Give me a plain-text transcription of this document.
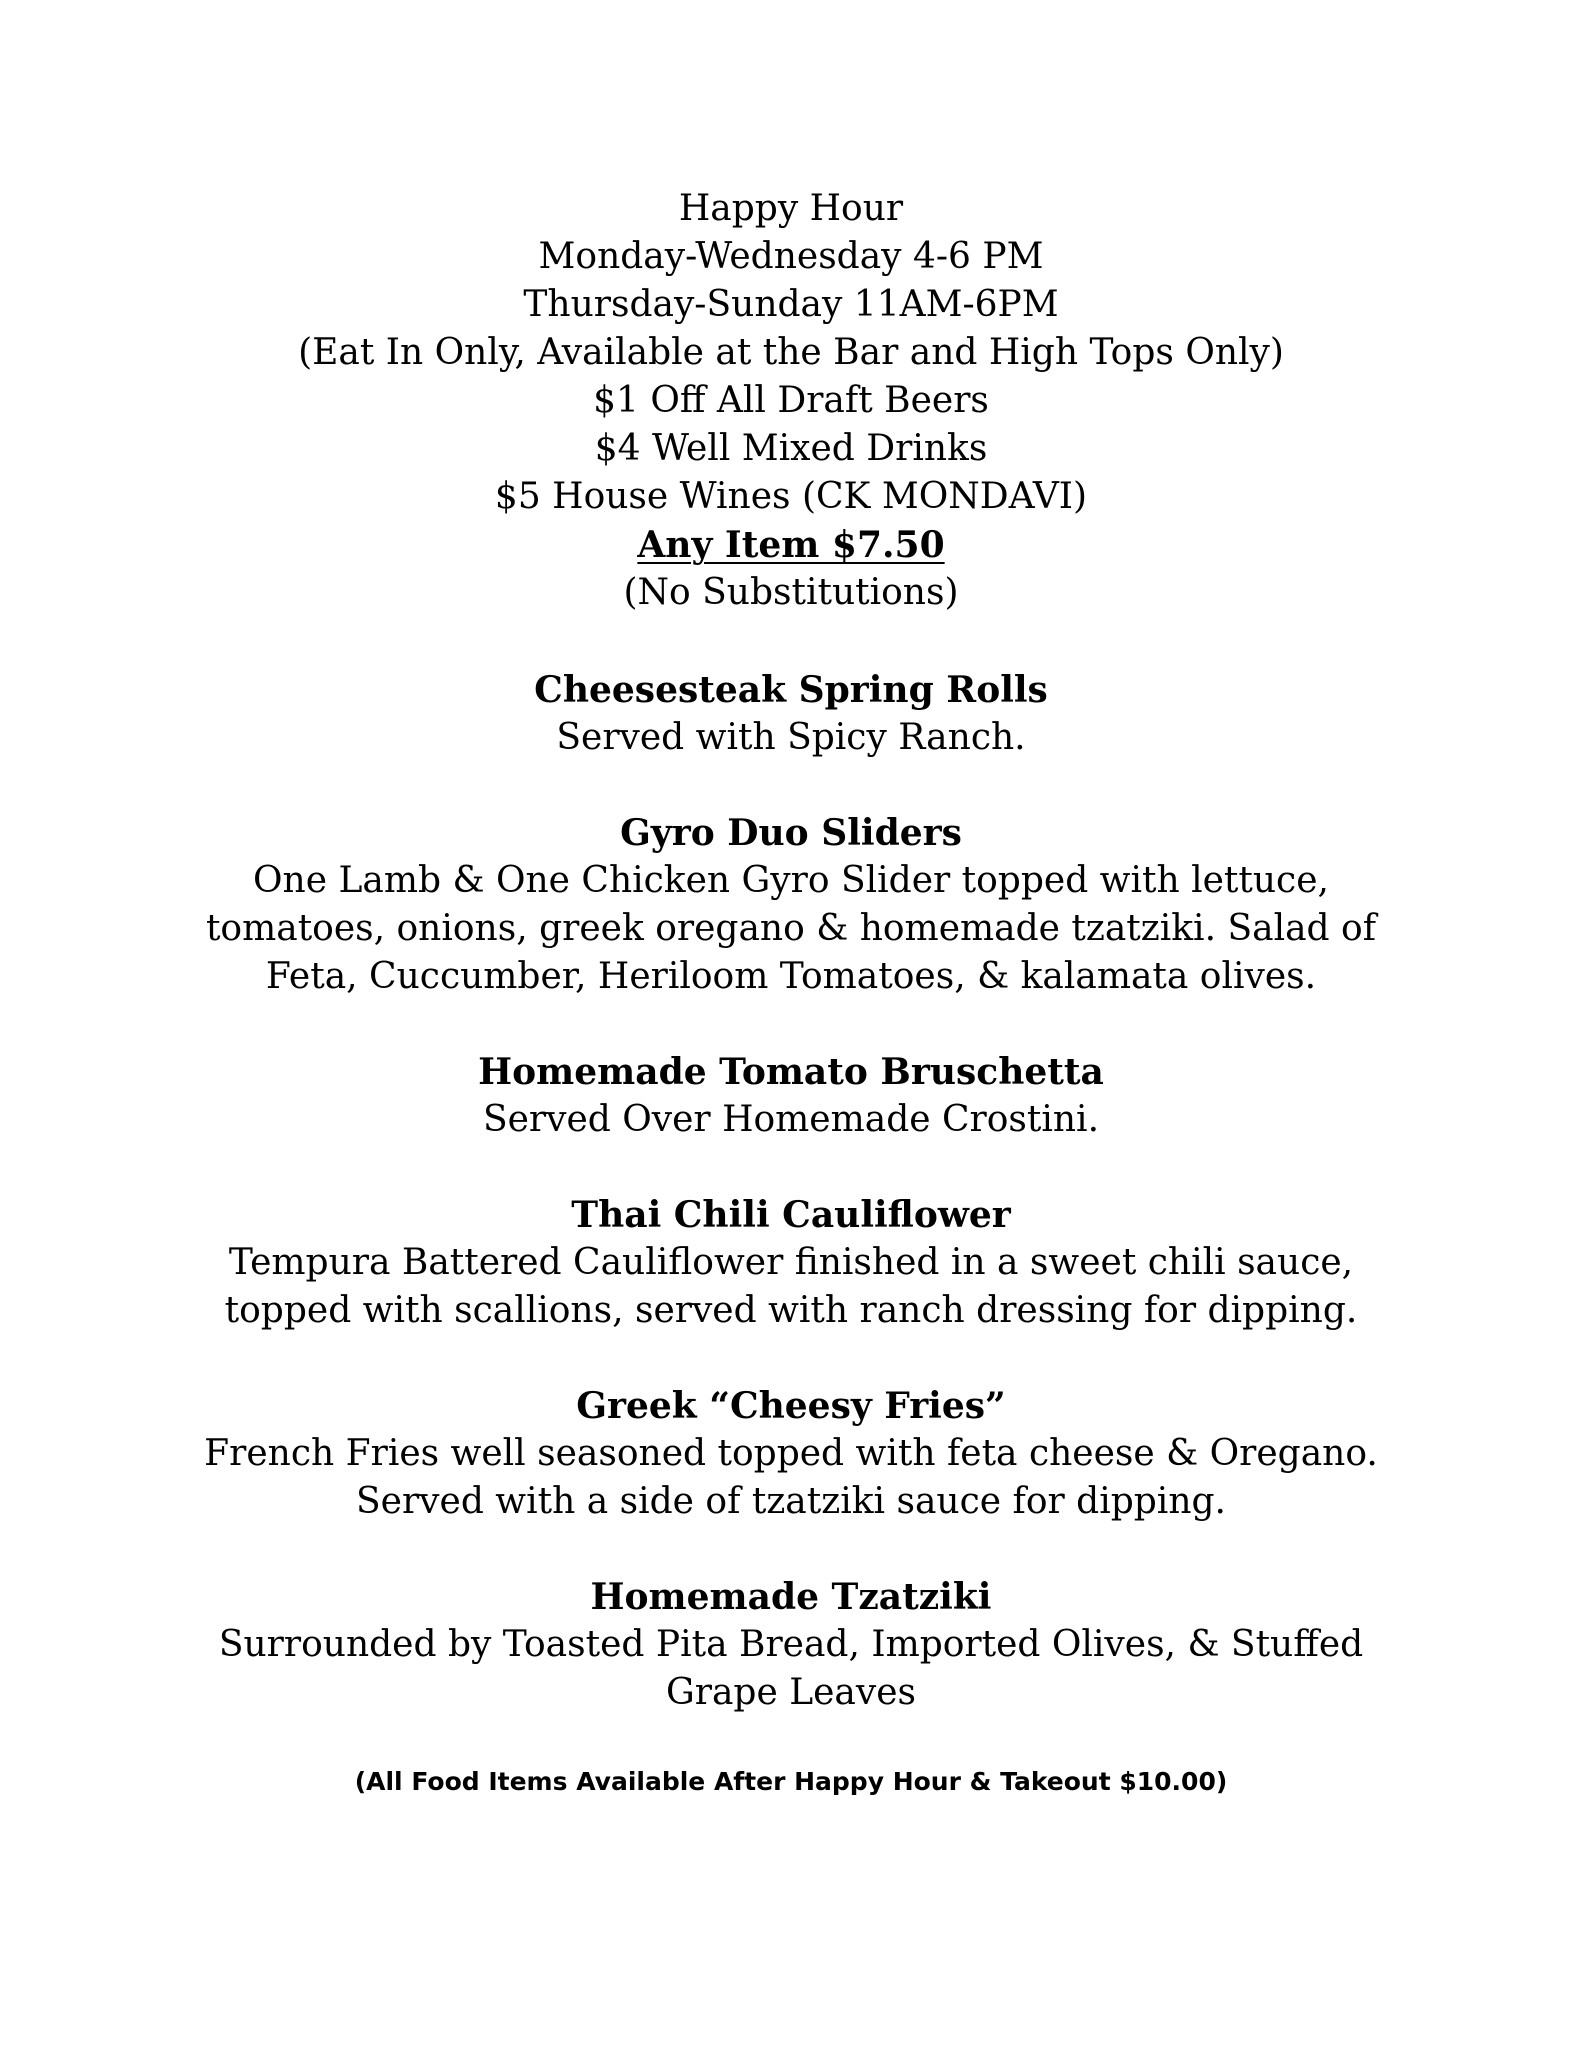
Happy Hour
Monday-Wednesday 4-6 PM
Thursday-Sunday 11AM-6PM
(Eat In Only, Available at the Bar and High Tops Only)
$1 Off All Draft Beers
$4 Well Mixed Drinks
$5 House Wines (CK MONDAVI)
Any Item $7.50
(No Substitutions)
Cheesesteak Spring Rolls
Served with Spicy Ranch.
Gyro Duo Sliders
One Lamb & One Chicken Gyro Slider topped with lettuce,
tomatoes, onions, greek oregano & homemade tzatziki. Salad of
Feta, Cuccumber, Heriloom Tomatoes, & kalamata olives.
Homemade Tomato Bruschetta
Served Over Homemade Crostini.
Thai Chili Cauliflower
Tempura Battered Cauliflower finished in a sweet chili sauce,
topped with scallions, served with ranch dressing for dipping.
Greek “Cheesy Fries”
French Fries well seasoned topped with feta cheese & Oregano.
Served with a side of tzatziki sauce for dipping.
Homemade Tzatziki
Surrounded by Toasted Pita Bread, Imported Olives, & Stuffed
Grape Leaves
(All Food Items Available After Happy Hour & Takeout $10.00)
